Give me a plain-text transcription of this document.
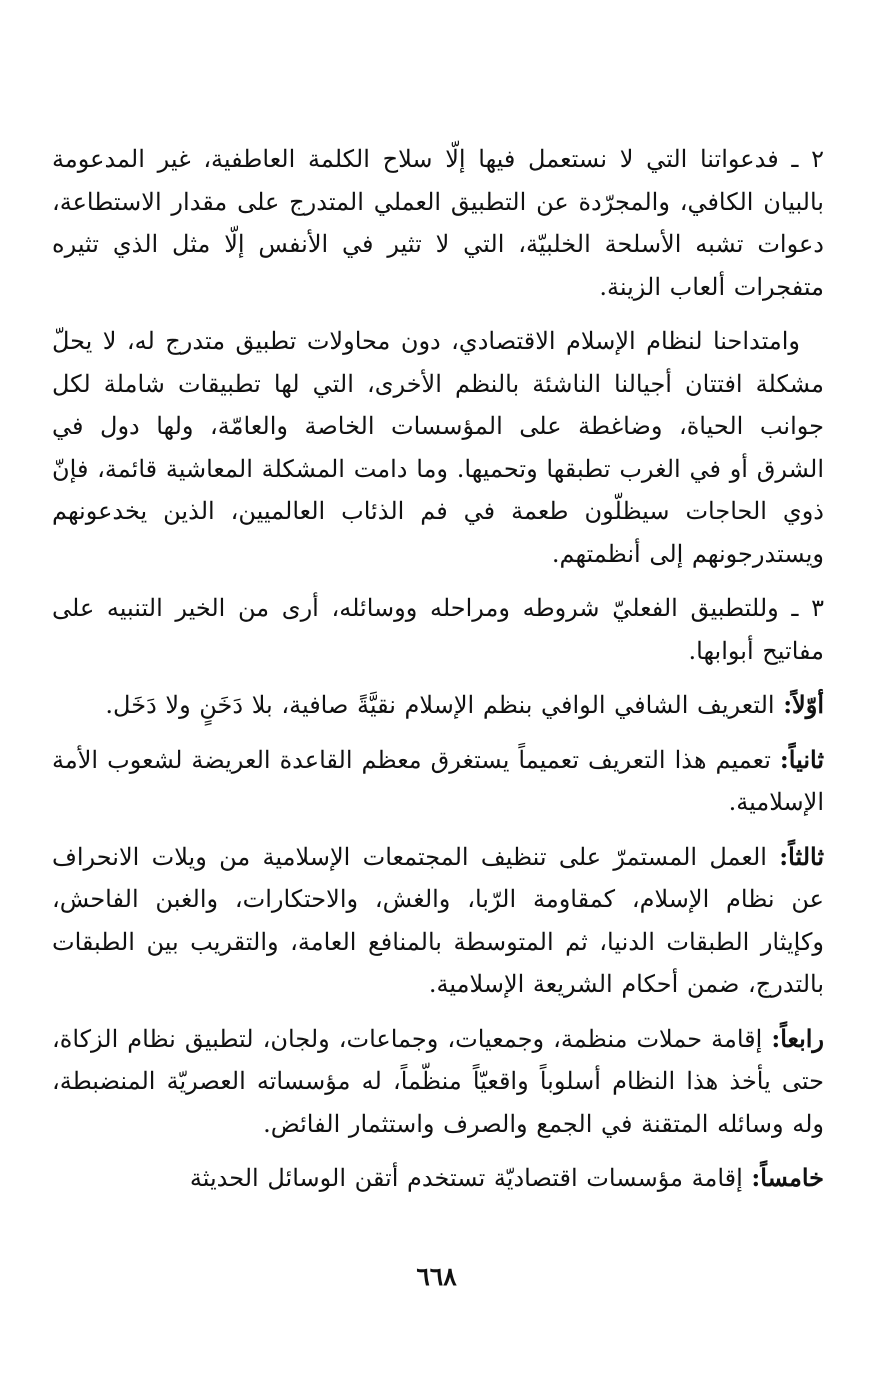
٢ ـ فدعواتنا التي لا نستعمل فيها إلّا سلاح الكلمة العاطفية، غير المدعومة بالبيان الكافي، والمجرّدة عن التطبيق العملي المتدرج على مقدار الاستطاعة، دعوات تشبه الأسلحة الخلبيّة، التي لا تثير في الأنفس إلّا مثل الذي تثيره متفجرات ألعاب الزينة.

وامتداحنا لنظام الإسلام الاقتصادي، دون محاولات تطبيق متدرج له، لا يحلّ مشكلة افتتان أجيالنا الناشئة بالنظم الأخرى، التي لها تطبيقات شاملة لكل جوانب الحياة، وضاغطة على المؤسسات الخاصة والعامّة، ولها دول في الشرق أو في الغرب تطبقها وتحميها. وما دامت المشكلة المعاشية قائمة، فإنّ ذوي الحاجات سيظلّون طعمة في فم الذئاب العالميين، الذين يخدعونهم ويستدرجونهم إلى أنظمتهم.

٣ ـ وللتطبيق الفعليّ شروطه ومراحله ووسائله، أرى من الخير التنبيه على مفاتيح أبوابها.

أوّلاً: التعريف الشافي الوافي بنظم الإسلام نقيَّةً صافية، بلا دَخَنٍ ولا دَخَل.

ثانياً: تعميم هذا التعريف تعميماً يستغرق معظم القاعدة العريضة لشعوب الأمة الإسلامية.

ثالثاً: العمل المستمرّ على تنظيف المجتمعات الإسلامية من ويلات الانحراف عن نظام الإسلام، كمقاومة الرّبا، والغش، والاحتكارات، والغبن الفاحش، وكإيثار الطبقات الدنيا، ثم المتوسطة بالمنافع العامة، والتقريب بين الطبقات بالتدرج، ضمن أحكام الشريعة الإسلامية.

رابعاً: إقامة حملات منظمة، وجمعيات، وجماعات، ولجان، لتطبيق نظام الزكاة، حتى يأخذ هذا النظام أسلوباً واقعيّاً منظّماً، له مؤسساته العصريّة المنضبطة، وله وسائله المتقنة في الجمع والصرف واستثمار الفائض.

خامساً: إقامة مؤسسات اقتصاديّة تستخدم أتقن الوسائل الحديثة

٦٦٨
